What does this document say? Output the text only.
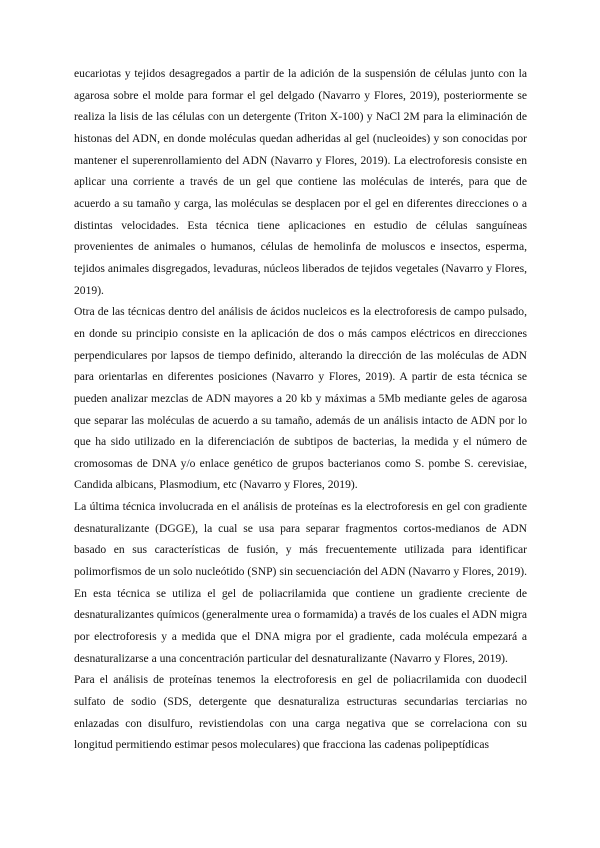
eucariotas y tejidos desagregados a partir de la adición de la suspensión de células junto con la agarosa sobre el molde para formar el gel delgado (Navarro y Flores, 2019), posteriormente se realiza la lisis de las células con un detergente (Triton X-100) y NaCl 2M para la eliminación de histonas del ADN, en donde moléculas quedan adheridas al gel (nucleoides) y son conocidas por mantener el superenrollamiento del ADN (Navarro y Flores, 2019). La electroforesis consiste en aplicar una corriente a través de un gel que contiene las moléculas de interés, para que de acuerdo a su tamaño y carga, las moléculas se desplacen por el gel en diferentes direcciones o a distintas velocidades. Esta técnica tiene aplicaciones en estudio de células sanguíneas provenientes de animales o humanos, células de hemolinfa de moluscos e insectos, esperma, tejidos animales disgregados, levaduras, núcleos liberados de tejidos vegetales (Navarro y Flores, 2019).

Otra de las técnicas dentro del análisis de ácidos nucleicos es la electroforesis de campo pulsado, en donde su principio consiste en la aplicación de dos o más campos eléctricos en direcciones perpendiculares por lapsos de tiempo definido, alterando la dirección de las moléculas de ADN para orientarlas en diferentes posiciones (Navarro y Flores, 2019). A partir de esta técnica se pueden analizar mezclas de ADN mayores a 20 kb y máximas a 5Mb mediante geles de agarosa que separar las moléculas de acuerdo a su tamaño, además de un análisis intacto de ADN por lo que ha sido utilizado en la diferenciación de subtipos de bacterias, la medida y el número de cromosomas de DNA y/o enlace genético de grupos bacterianos como S. pombe S. cerevisiae, Candida albicans, Plasmodium, etc (Navarro y Flores, 2019).

La última técnica involucrada en el análisis de proteínas es la electroforesis en gel con gradiente desnaturalizante (DGGE), la cual se usa para separar fragmentos cortos-medianos de ADN basado en sus características de fusión, y más frecuentemente utilizada para identificar polimorfismos de un solo nucleótido (SNP) sin secuenciación del ADN (Navarro y Flores, 2019). En esta técnica se utiliza el gel de poliacrilamida que contiene un gradiente creciente de desnaturalizantes químicos (generalmente urea o formamida) a través de los cuales el ADN migra por electroforesis y a medida que el DNA migra por el gradiente, cada molécula empezará a desnaturalizarse a una concentración particular del desnaturalizante (Navarro y Flores, 2019).

Para el análisis de proteínas tenemos la electroforesis en gel de poliacrilamida con duodecil sulfato de sodio (SDS, detergente que desnaturaliza estructuras secundarias terciarias no enlazadas con disulfuro, revistiendolas con una carga negativa que se correlaciona con su longitud permitiendo estimar pesos moleculares) que fracciona las cadenas polipeptídicas
